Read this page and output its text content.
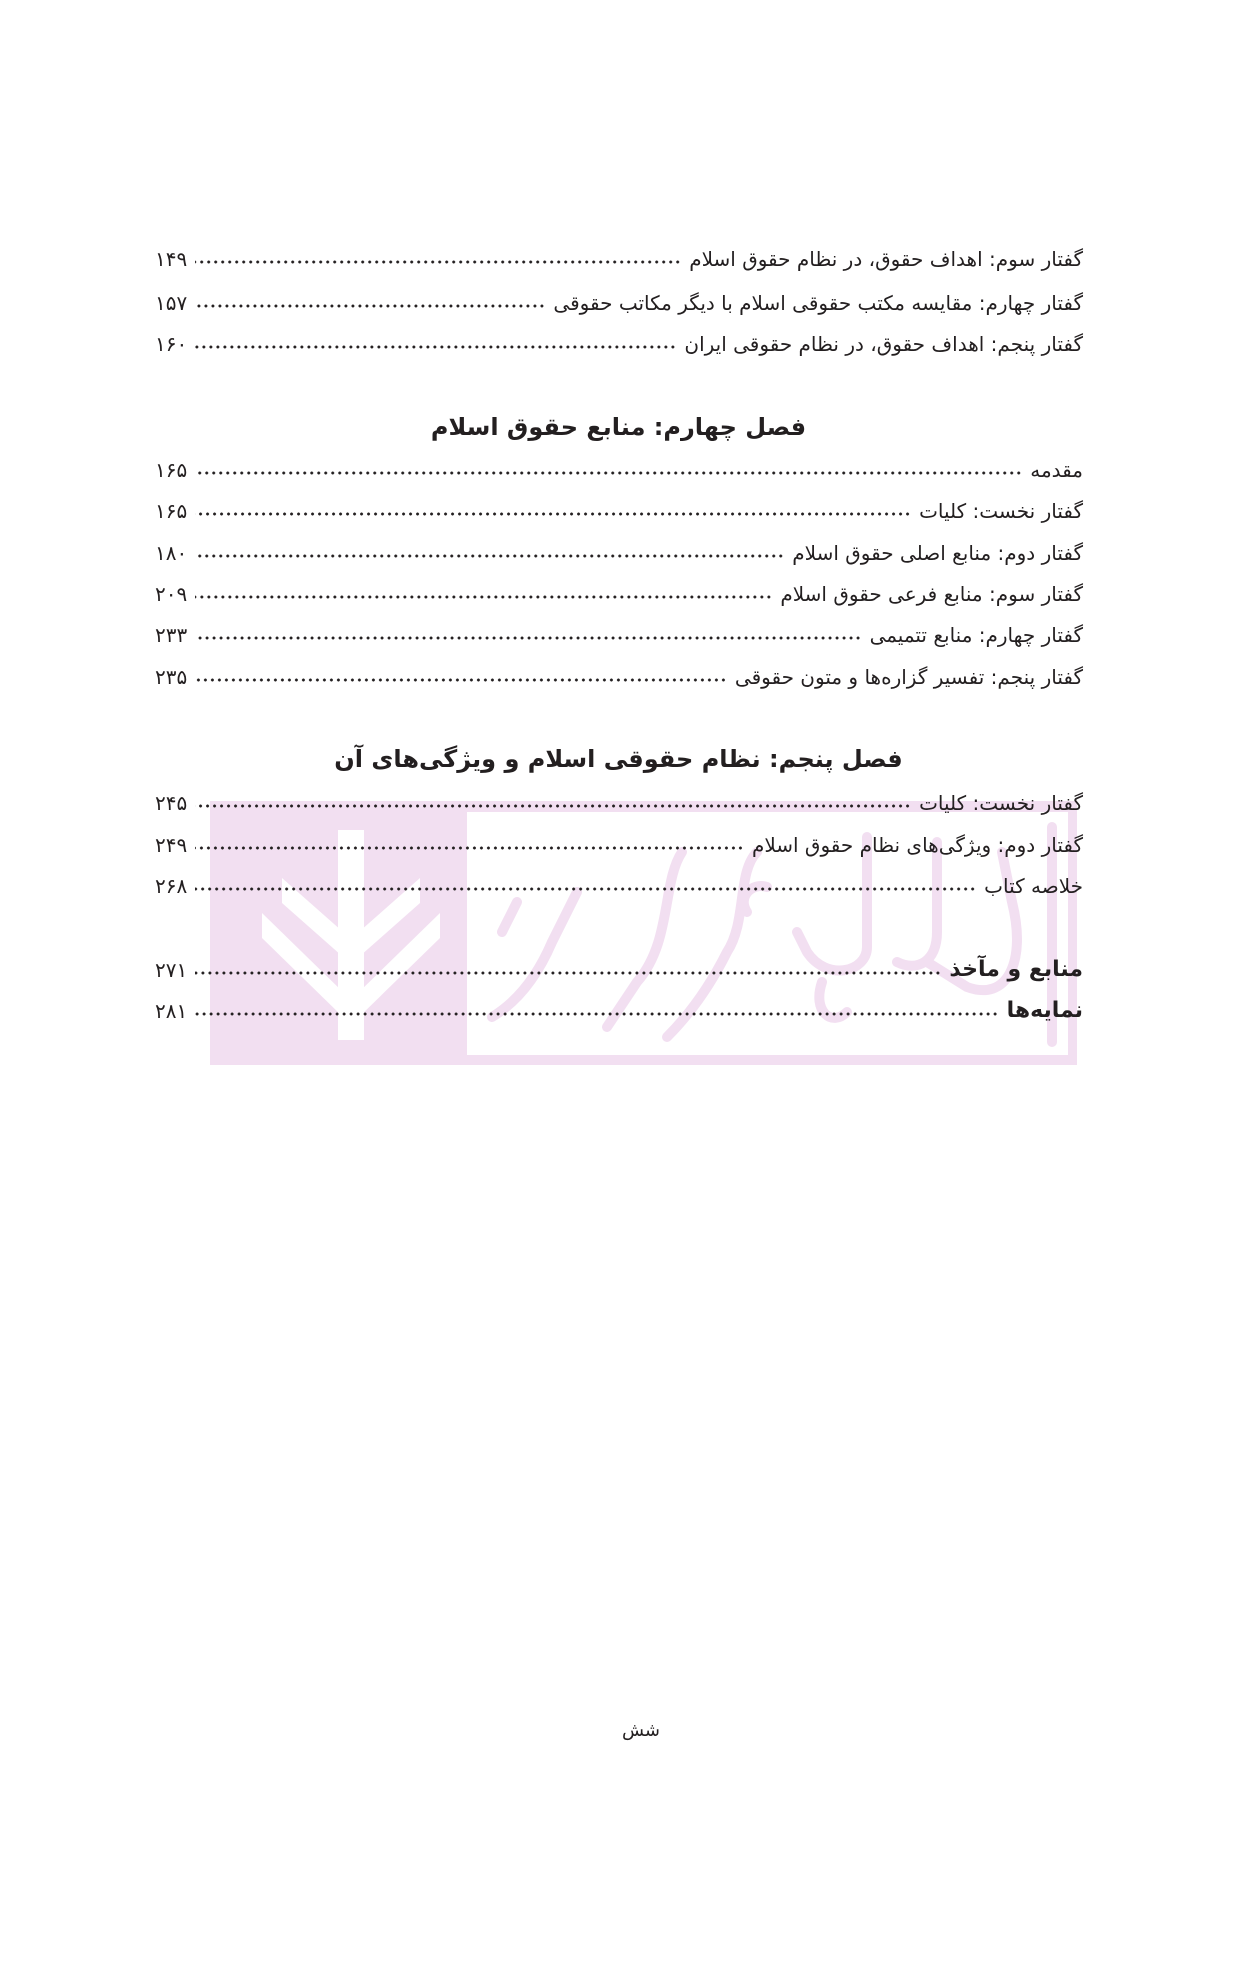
گفتار سوم: اهداف حقوق، در نظام حقوق اسلام
۱۴۹
گفتار چهارم: مقایسه مکتب حقوقی اسلام با دیگر مکاتب حقوقی
۱۵۷
گفتار پنجم: اهداف حقوق، در نظام حقوقی ایران
۱۶۰
فصل چهارم: منابع حقوق اسلام
مقدمه
۱۶۵
گفتار نخست: کلیات
۱۶۵
گفتار دوم: منابع اصلی حقوق اسلام
۱۸۰
گفتار سوم: منابع فرعی حقوق اسلام
۲۰۹
گفتار چهارم: منابع تتمیمی
۲۳۳
گفتار پنجم: تفسیر گزاره‌ها و متون حقوقی
۲۳۵
فصل پنجم: نظام حقوقی اسلام و ویژگی‌های آن
گفتار نخست: کلیات
۲۴۵
گفتار دوم: ویژگی‌های نظام حقوق اسلام
۲۴۹
خلاصه کتاب
۲۶۸
منابع و مآخذ
۲۷۱
نمایه‌ها
۲۸۱
شش
